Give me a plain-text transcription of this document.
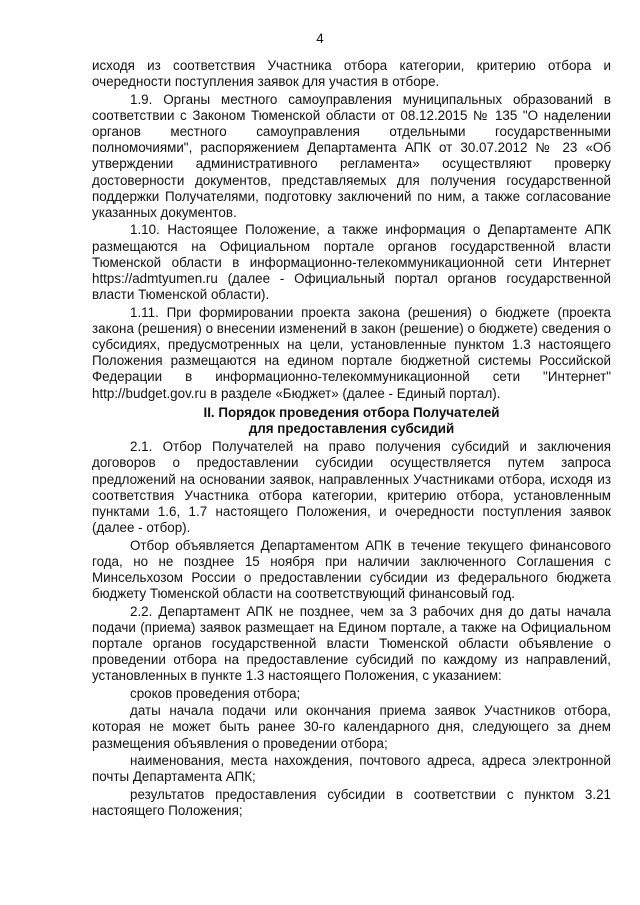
4

исходя из соответствия Участника отбора категории, критерию отбора и очередности поступления заявок для участия в отборе.

1.9. Органы местного самоуправления муниципальных образований в соответствии с Законом Тюменской области от 08.12.2015 № 135 "О наделении органов местного самоуправления отдельными государственными полномочиями", распоряжением Департамента АПК от 30.07.2012 № 23 «Об утверждении административного регламента» осуществляют проверку достоверности документов, представляемых для получения государственной поддержки Получателями, подготовку заключений по ним, а также согласование указанных документов.

1.10. Настоящее Положение, а также информация о Департаменте АПК размещаются на Официальном портале органов государственной власти Тюменской области в информационно-телекоммуникационной сети Интернет https://admtyumen.ru (далее - Официальный портал органов государственной власти Тюменской области).

1.11. При формировании проекта закона (решения) о бюджете (проекта закона (решения) о внесении изменений в закон (решение) о бюджете) сведения о субсидиях, предусмотренных на цели, установленные пунктом 1.3 настоящего Положения размещаются на едином портале бюджетной системы Российской Федерации в информационно-телекоммуникационной сети "Интернет" http://budget.gov.ru в разделе «Бюджет» (далее - Единый портал).

II. Порядок проведения отбора Получателей
для предоставления субсидий

2.1. Отбор Получателей на право получения субсидий и заключения договоров о предоставлении субсидии осуществляется путем запроса предложений на основании заявок, направленных Участниками отбора, исходя из соответствия Участника отбора категории, критерию отбора, установленным пунктами 1.6, 1.7 настоящего Положения, и очередности поступления заявок (далее - отбор).

Отбор объявляется Департаментом АПК в течение текущего финансового года, но не позднее 15 ноября при наличии заключенного Соглашения с Минсельхозом России о предоставлении субсидии из федерального бюджета бюджету Тюменской области на соответствующий финансовый год.

2.2. Департамент АПК не позднее, чем за 3 рабочих дня до даты начала подачи (приема) заявок размещает на Едином портале, а также на Официальном портале органов государственной власти Тюменской области объявление о проведении отбора на предоставление субсидий по каждому из направлений, установленных в пункте 1.3 настоящего Положения, с указанием:

сроков проведения отбора;

даты начала подачи или окончания приема заявок Участников отбора, которая не может быть ранее 30-го календарного дня, следующего за днем размещения объявления о проведении отбора;

наименования, места нахождения, почтового адреса, адреса электронной почты Департамента АПК;

результатов предоставления субсидии в соответствии с пунктом 3.21 настоящего Положения;
